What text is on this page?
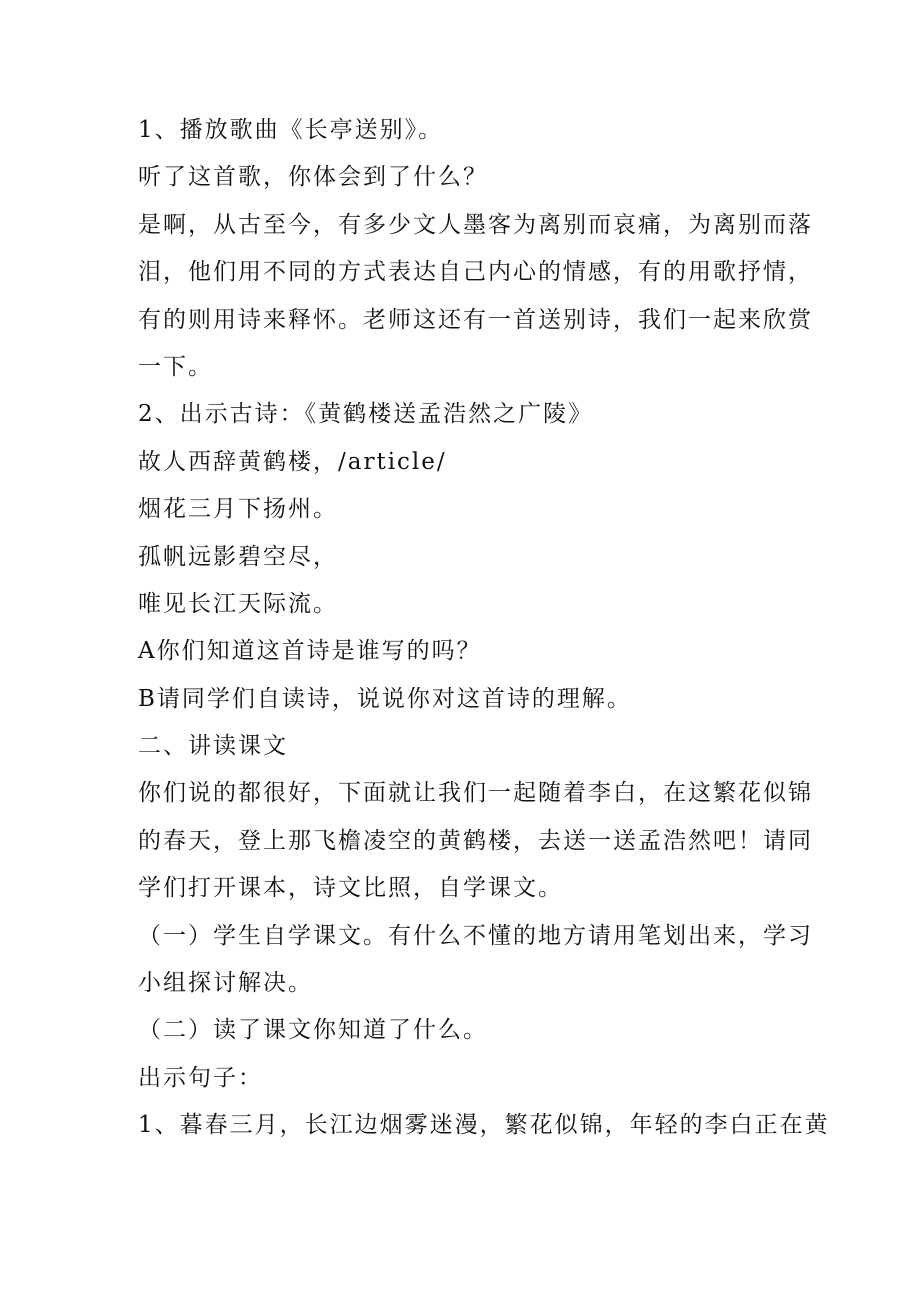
1、播放歌曲《长亭送别》。
听了这首歌，你体会到了什么？
是啊，从古至今，有多少文人墨客为离别而哀痛，为离别而落
泪，他们用不同的方式表达自己内心的情感，有的用歌抒情，
有的则用诗来释怀。老师这还有一首送别诗，我们一起来欣赏
一下。
2、出示古诗：《黄鹤楼送孟浩然之广陵》
故人西辞黄鹤楼，/article/
烟花三月下扬州。
孤帆远影碧空尽，
唯见长江天际流。
A你们知道这首诗是谁写的吗？
B请同学们自读诗，说说你对这首诗的理解。
二、讲读课文
你们说的都很好，下面就让我们一起随着李白，在这繁花似锦
的春天，登上那飞檐凌空的黄鹤楼，去送一送孟浩然吧！请同
学们打开课本，诗文比照，自学课文。
（一）学生自学课文。有什么不懂的地方请用笔划出来，学习
小组探讨解决。
（二）读了课文你知道了什么。
出示句子：
1、暮春三月，长江边烟雾迷漫，繁花似锦，年轻的李白正在黄
